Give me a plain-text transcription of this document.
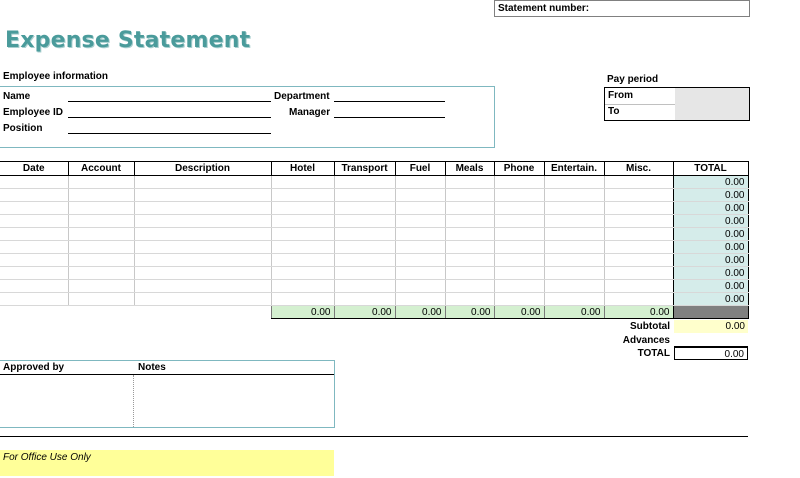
Statement number:
Expense Statement
Employee information
Name
Employee ID
Position
Department
Manager
Pay period
From
To
Date	Account	Description	Hotel	Transport	Fuel	Meals	Phone	Entertain.	Misc.	TOTAL
										0.00
										0.00
										0.00
										0.00
										0.00
										0.00
										0.00
										0.00
										0.00
										0.00
			0.00	0.00	0.00	0.00	0.00	0.00	0.00	
Subtotal	0.00
Advances
TOTAL	0.00
Approved by	Notes
For Office Use Only
